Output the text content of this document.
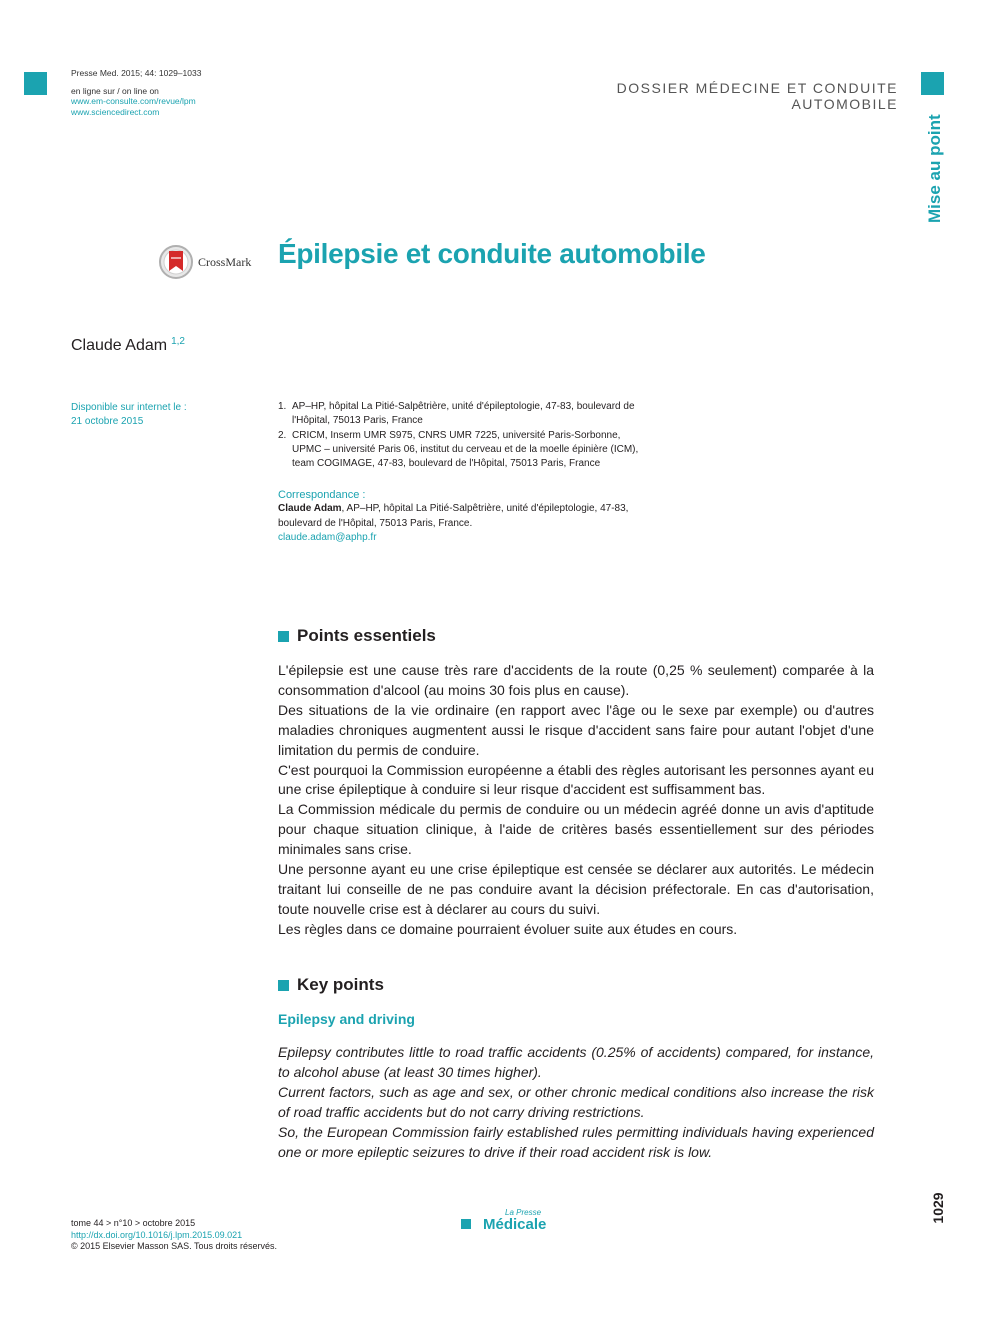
Presse Med. 2015; 44: 1029–1033
en ligne sur / on line on
www.em-consulte.com/revue/lpm
www.sciencedirect.com
DOSSIER MÉDECINE ET CONDUITE AUTOMOBILE
Mise au point
CrossMark Épilepsie et conduite automobile
Claude Adam $^{1,2}$
Disponible sur internet le :
21 octobre 2015
1. AP–HP, hôpital La Pitié-Salpêtrière, unité d'épileptologie, 47-83, boulevard de
l'Hôpital, 75013 Paris, France
2. CRICM, Inserm UMR S975, CNRS UMR 7225, université Paris-Sorbonne,
UPMC – université Paris 06, institut du cerveau et de la moelle épinière (ICM),
team COGIMAGE, 47-83, boulevard de l'Hôpital, 75013 Paris, France
Correspondance :
Claude Adam, AP–HP, hôpital La Pitié-Salpêtrière, unité d'épileptologie, 47-83,
boulevard de l'Hôpital, 75013 Paris, France.
claude.adam@aphp.fr
Points essentiels

L'épilepsie est une cause très rare d'accidents de la route (0,25 % seulement) comparée à la consommation d'alcool (au moins 30 fois plus en cause).

Des situations de la vie ordinaire (en rapport avec l'âge ou le sexe par exemple) ou d'autres maladies chroniques augmentent aussi le risque d'accident sans faire pour autant l'objet d'une limitation du permis de conduire.

C'est pourquoi la Commission européenne a établi des règles autorisant les personnes ayant eu une crise épileptique à conduire si leur risque d'accident est suffisamment bas.

La Commission médicale du permis de conduire ou un médecin agréé donne un avis d'aptitude pour chaque situation clinique, à l'aide de critères basés essentiellement sur des périodes minimales sans crise.

Une personne ayant eu une crise épileptique est censée se déclarer aux autorités. Le médecin traitant lui conseille de ne pas conduire avant la décision préfectorale. En cas d'autorisation, toute nouvelle crise est à déclarer au cours du suivi.

Les règles dans ce domaine pourraient évoluer suite aux études en cours.

Key points
Epilepsy and driving

Epilepsy contributes little to road traffic accidents (0.25% of accidents) compared, for instance, to alcohol abuse (at least 30 times higher).

Current factors, such as age and sex, or other chronic medical conditions also increase the risk of road traffic accidents but do not carry driving restrictions.

So, the European Commission fairly established rules permitting individuals having experienced one or more epileptic seizures to drive if their road accident risk is low.

tome 44 > n°10 > octobre 2015
http://dx.doi.org/10.1016/j.lpm.2015.09.021
© 2015 Elsevier Masson SAS. Tous droits réservés.
La Presse
Médicale
1029
